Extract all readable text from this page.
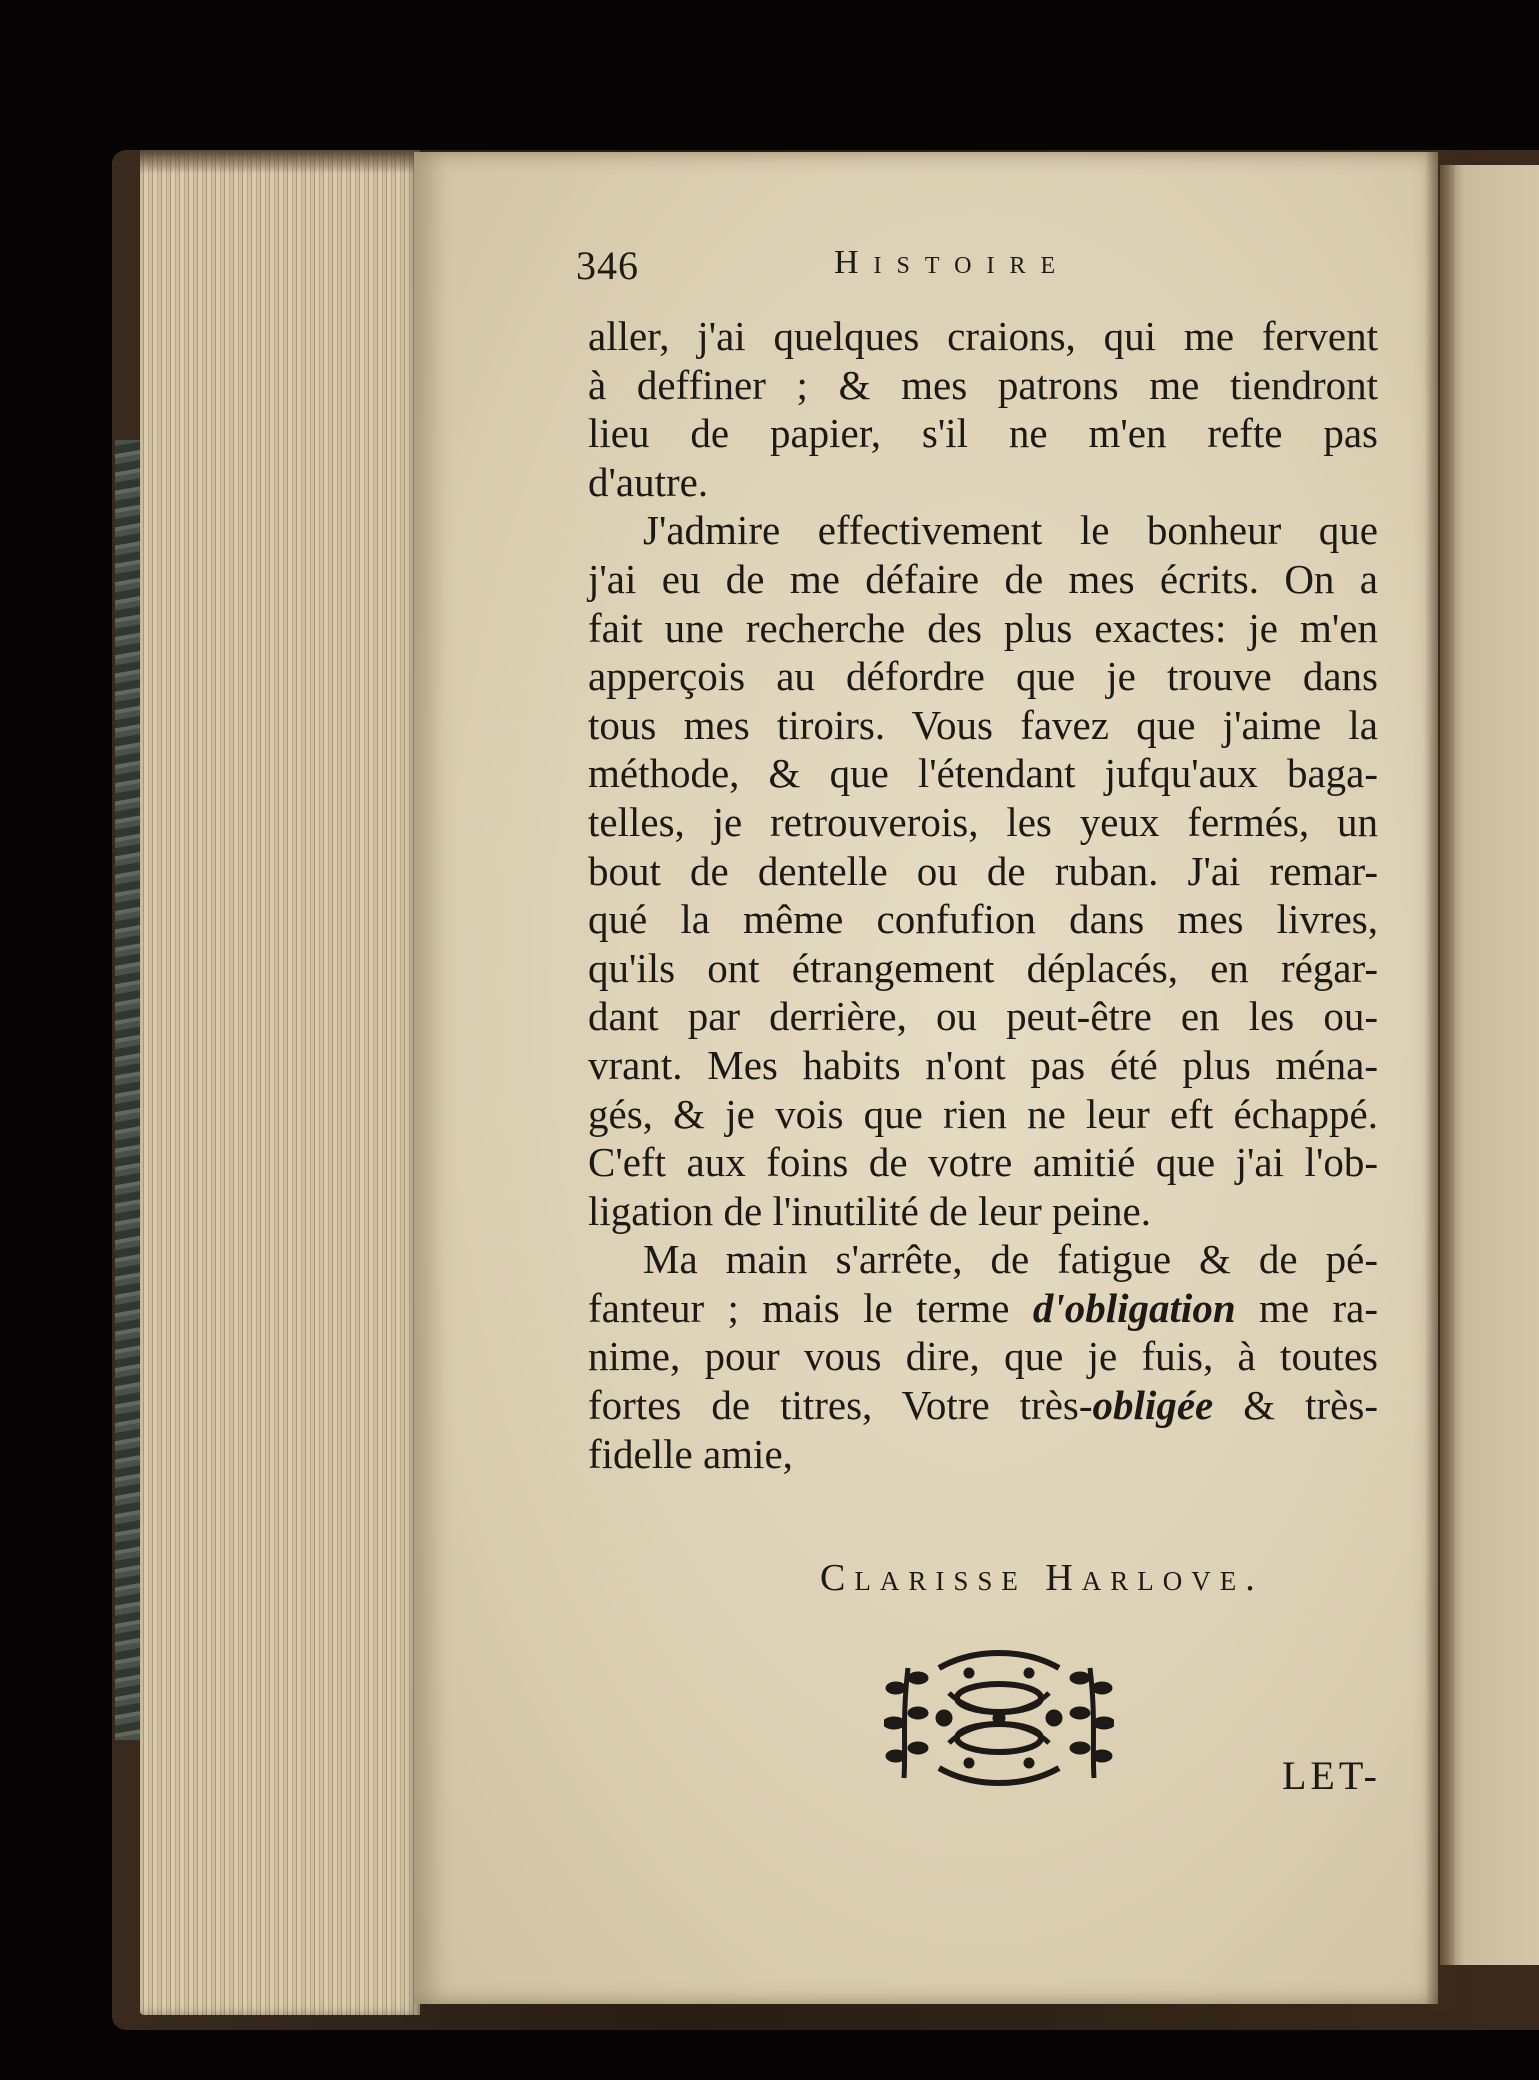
346	Histoire
aller, j'ai quelques craions, qui me fervent
à deffiner ; & mes patrons me tiendront
lieu de papier, s'il ne m'en refte pas
d'autre.
J'admire effectivement le bonheur que
j'ai eu de me défaire de mes écrits. On a
fait une recherche des plus exactes: je m'en
apperçois au défordre que je trouve dans
tous mes tiroirs. Vous favez que j'aime la
méthode, & que l'étendant jufqu'aux baga-
telles, je retrouverois, les yeux fermés, un
bout de dentelle ou de ruban. J'ai remar-
qué la même confufion dans mes livres,
qu'ils ont étrangement déplacés, en régar-
dant par derrière, ou peut-être en les ou-
vrant. Mes habits n'ont pas été plus ména-
gés, & je vois que rien ne leur eft échappé.
C'eft aux foins de votre amitié que j'ai l'ob-
ligation de l'inutilité de leur peine.
Ma main s'arrête, de fatigue & de pé-
fanteur ; mais le terme d'obligation me ra-
nime, pour vous dire, que je fuis, à toutes
fortes de titres, Votre très-obligée & très-
fidelle amie,
Clarisse Harlove.
LET-
